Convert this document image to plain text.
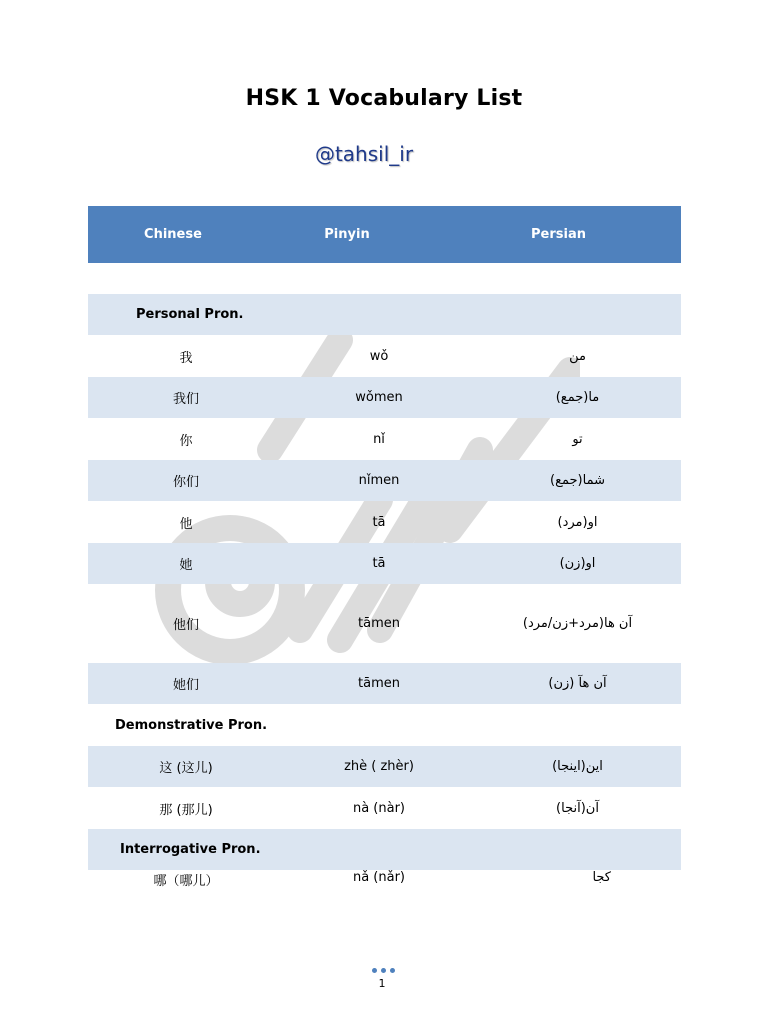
HSK 1 Vocabulary List
@tahsil_ir
Chinese	Pinyin	Persian
Personal Pron.
我	wǒ	من
我们	wǒmen	ما(جمع)
你	nǐ	تو
你们	nǐmen	شما(جمع)
他	tā	او(مرد)
她	tā	او(زن)
他们	tāmen	آن ها(مرد+زن/مرد)
她们	tāmen	آن هآ (زن)
Demonstrative Pron.
这 (这儿)	zhè ( zhèr)	این(اینجا)
那 (那儿)	nà (nàr)	آن(آنجا)
Interrogative Pron.
哪（哪儿）	nǎ (nǎr)	کجا
1
